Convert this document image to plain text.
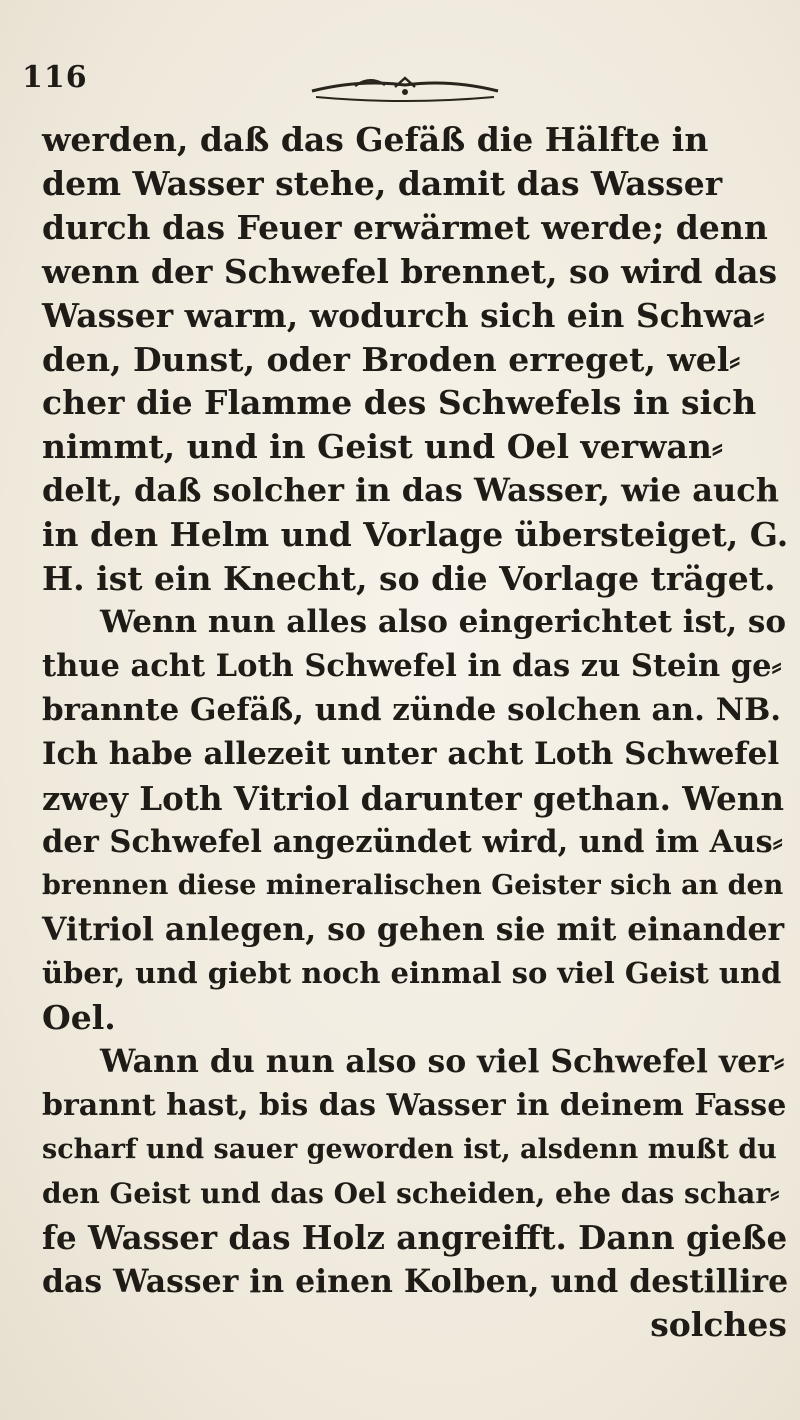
116
werden, daß das Gefäß die Hälfte in
dem Wasser stehe, damit das Wasser
durch das Feuer erwärmet werde; denn
wenn der Schwefel brennet, so wird das
Wasser warm, wodurch sich ein Schwa⸗
den, Dunst, oder Broden erreget, wel⸗
cher die Flamme des Schwefels in sich
nimmt, und in Geist und Oel verwan⸗
delt, daß solcher in das Wasser, wie auch
in den Helm und Vorlage übersteiget, G.
H. ist ein Knecht, so die Vorlage träget.
Wenn nun alles also eingerichtet ist, so
thue acht Loth Schwefel in das zu Stein ge⸗
brannte Gefäß, und zünde solchen an. NB.
Ich habe allezeit unter acht Loth Schwefel
zwey Loth Vitriol darunter gethan. Wenn
der Schwefel angezündet wird, und im Aus⸗
brennen diese mineralischen Geister sich an den
Vitriol anlegen, so gehen sie mit einander
über, und giebt noch einmal so viel Geist und
Oel.
Wann du nun also so viel Schwefel ver⸗
brannt hast, bis das Wasser in deinem Fasse
scharf und sauer geworden ist, alsdenn mußt du
den Geist und das Oel scheiden, ehe das schar⸗
fe Wasser das Holz angreifft. Dann gieße
das Wasser in einen Kolben, und destillire
solches
